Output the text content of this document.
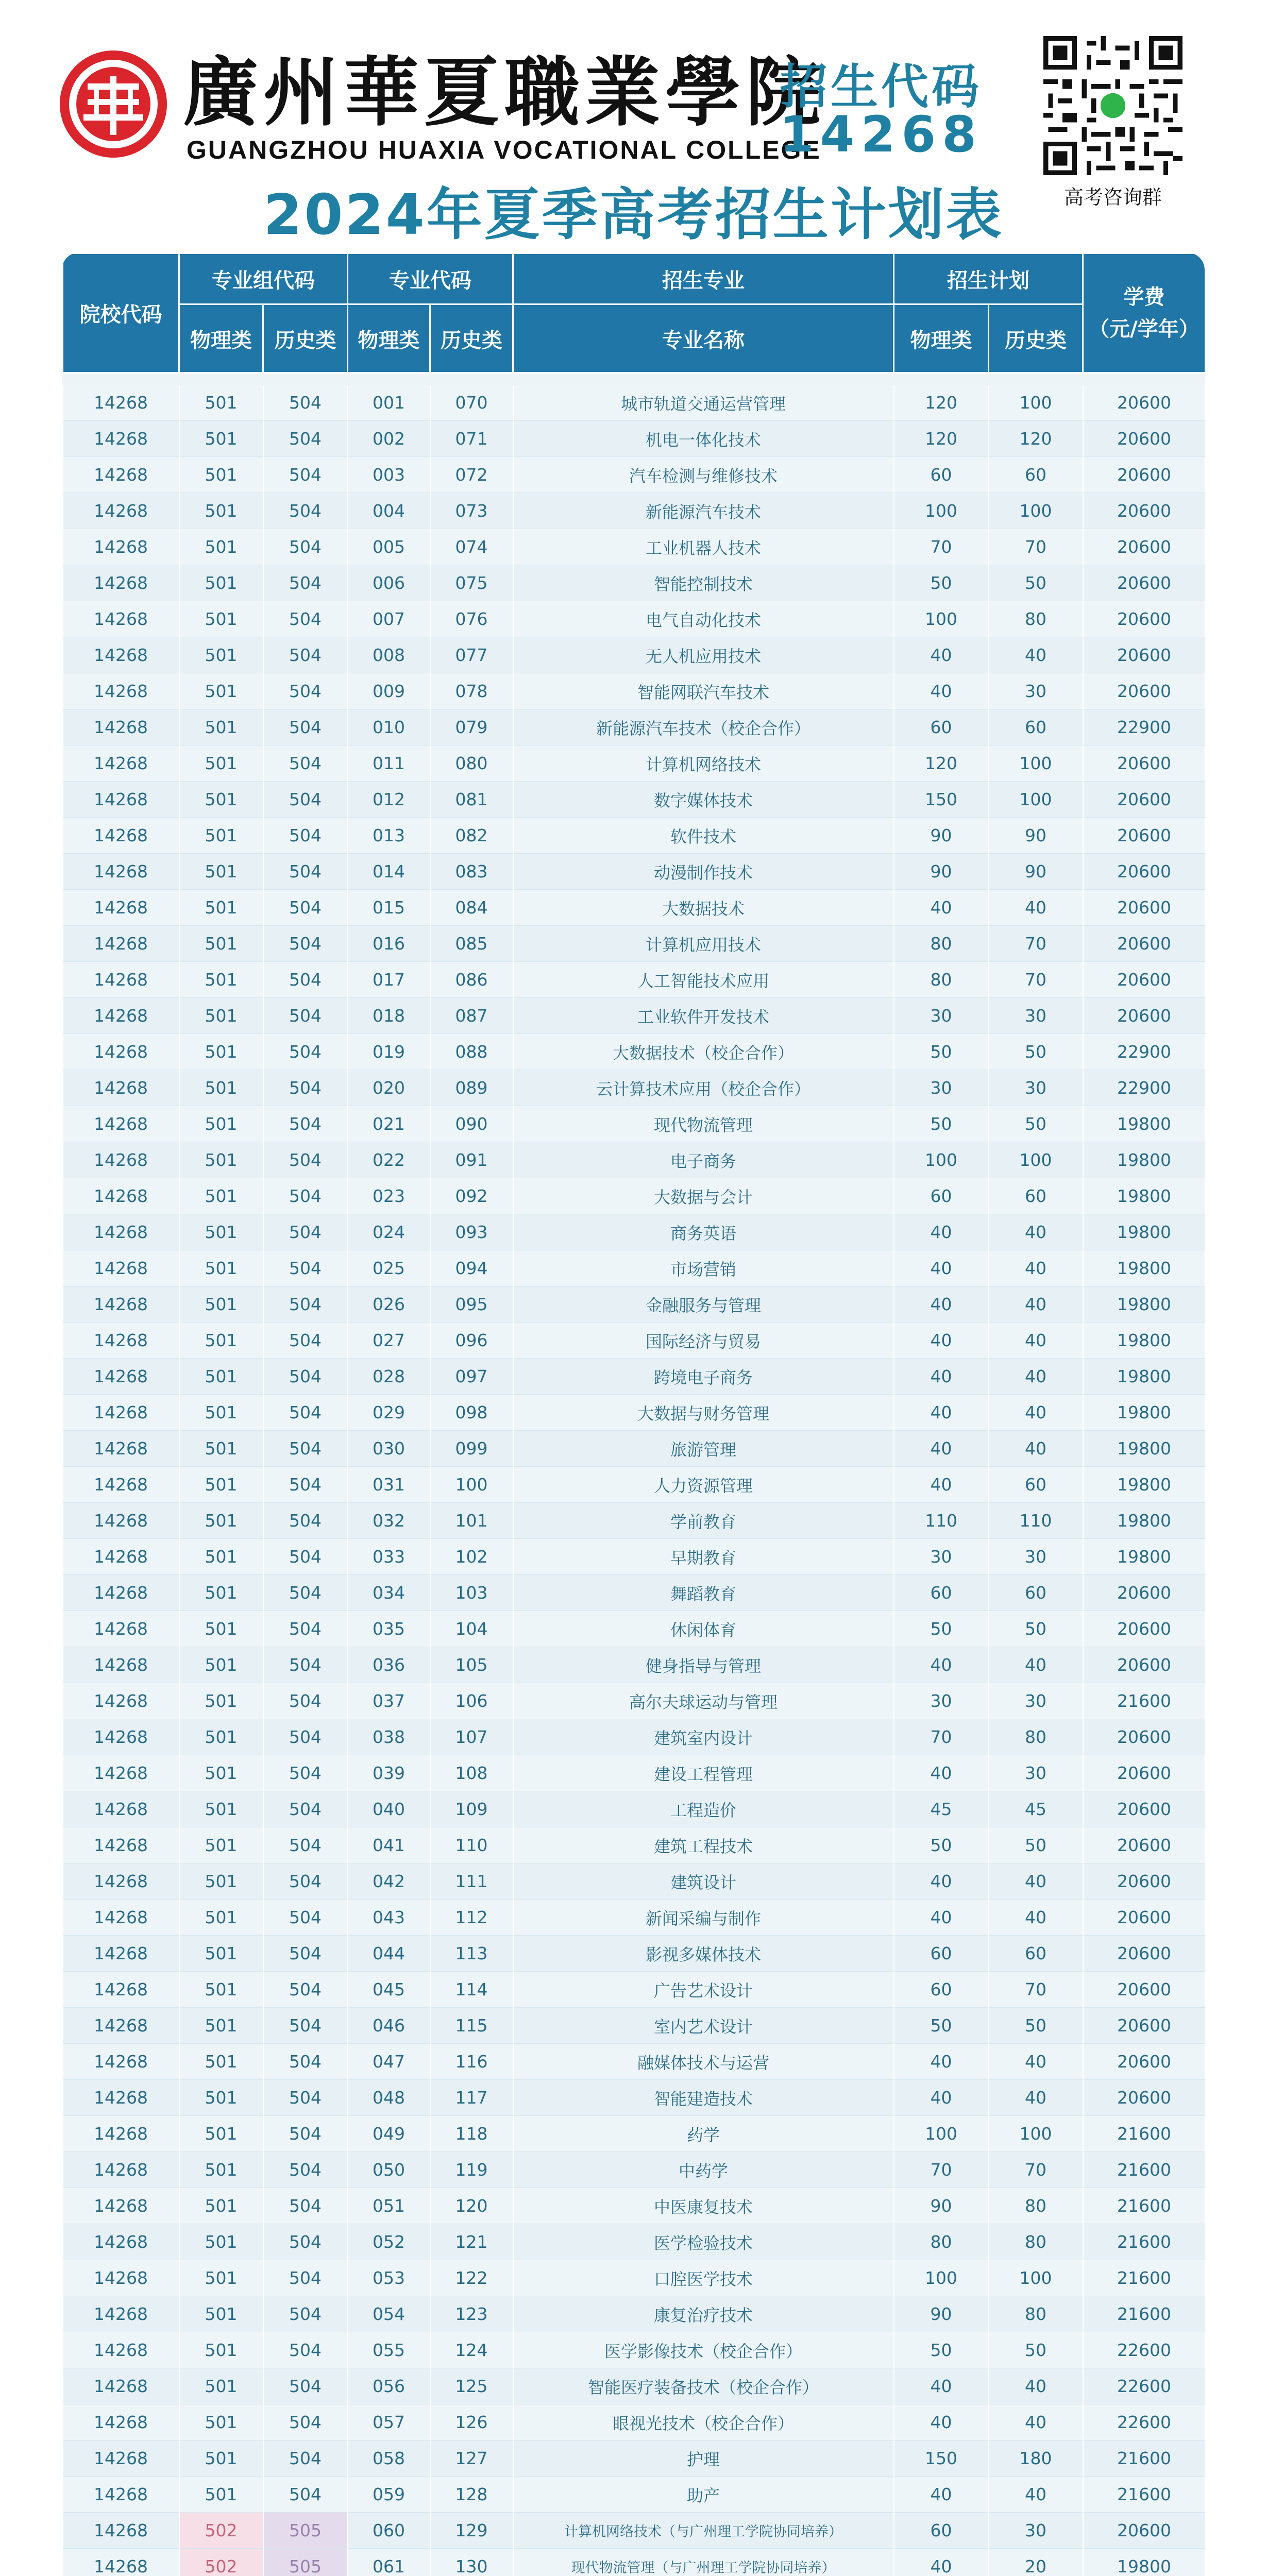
廣州華夏職業學院
GUANGZHOU HUAXIA VOCATIONAL COLLEGE
招生代码
14268
高考咨询群
2024年夏季高考招生计划表
院校代码	专业组代码		专业代码		招生专业	招生计划		学费
（元/学年）
	物理类	历史类	物理类	历史类	专业名称	物理类	历史类	

14268	501	504	001	070	城市轨道交通运营管理	120	100	20600
14268	501	504	002	071	机电一体化技术	120	120	20600
14268	501	504	003	072	汽车检测与维修技术	60	60	20600
14268	501	504	004	073	新能源汽车技术	100	100	20600
14268	501	504	005	074	工业机器人技术	70	70	20600
14268	501	504	006	075	智能控制技术	50	50	20600
14268	501	504	007	076	电气自动化技术	100	80	20600
14268	501	504	008	077	无人机应用技术	40	40	20600
14268	501	504	009	078	智能网联汽车技术	40	30	20600
14268	501	504	010	079	新能源汽车技术（校企合作）	60	60	22900
14268	501	504	011	080	计算机网络技术	120	100	20600
14268	501	504	012	081	数字媒体技术	150	100	20600
14268	501	504	013	082	软件技术	90	90	20600
14268	501	504	014	083	动漫制作技术	90	90	20600
14268	501	504	015	084	大数据技术	40	40	20600
14268	501	504	016	085	计算机应用技术	80	70	20600
14268	501	504	017	086	人工智能技术应用	80	70	20600
14268	501	504	018	087	工业软件开发技术	30	30	20600
14268	501	504	019	088	大数据技术（校企合作）	50	50	22900
14268	501	504	020	089	云计算技术应用（校企合作）	30	30	22900
14268	501	504	021	090	现代物流管理	50	50	19800
14268	501	504	022	091	电子商务	100	100	19800
14268	501	504	023	092	大数据与会计	60	60	19800
14268	501	504	024	093	商务英语	40	40	19800
14268	501	504	025	094	市场营销	40	40	19800
14268	501	504	026	095	金融服务与管理	40	40	19800
14268	501	504	027	096	国际经济与贸易	40	40	19800
14268	501	504	028	097	跨境电子商务	40	40	19800
14268	501	504	029	098	大数据与财务管理	40	40	19800
14268	501	504	030	099	旅游管理	40	40	19800
14268	501	504	031	100	人力资源管理	40	60	19800
14268	501	504	032	101	学前教育	110	110	19800
14268	501	504	033	102	早期教育	30	30	19800
14268	501	504	034	103	舞蹈教育	60	60	20600
14268	501	504	035	104	休闲体育	50	50	20600
14268	501	504	036	105	健身指导与管理	40	40	20600
14268	501	504	037	106	高尔夫球运动与管理	30	30	21600
14268	501	504	038	107	建筑室内设计	70	80	20600
14268	501	504	039	108	建设工程管理	40	30	20600
14268	501	504	040	109	工程造价	45	45	20600
14268	501	504	041	110	建筑工程技术	50	50	20600
14268	501	504	042	111	建筑设计	40	40	20600
14268	501	504	043	112	新闻采编与制作	40	40	20600
14268	501	504	044	113	影视多媒体技术	60	60	20600
14268	501	504	045	114	广告艺术设计	60	70	20600
14268	501	504	046	115	室内艺术设计	50	50	20600
14268	501	504	047	116	融媒体技术与运营	40	40	20600
14268	501	504	048	117	智能建造技术	40	40	20600
14268	501	504	049	118	药学	100	100	21600
14268	501	504	050	119	中药学	70	70	21600
14268	501	504	051	120	中医康复技术	90	80	21600
14268	501	504	052	121	医学检验技术	80	80	21600
14268	501	504	053	122	口腔医学技术	100	100	21600
14268	501	504	054	123	康复治疗技术	90	80	21600
14268	501	504	055	124	医学影像技术（校企合作）	50	50	22600
14268	501	504	056	125	智能医疗装备技术（校企合作）	40	40	22600
14268	501	504	057	126	眼视光技术（校企合作）	40	40	22600
14268	501	504	058	127	护理	150	180	21600
14268	501	504	059	128	助产	40	40	21600
14268	502	505	060	129	计算机网络技术（与广州理工学院协同培养）	60	30	20600
14268	502	505	061	130	现代物流管理（与广州理工学院协同培养）	40	20	19800
